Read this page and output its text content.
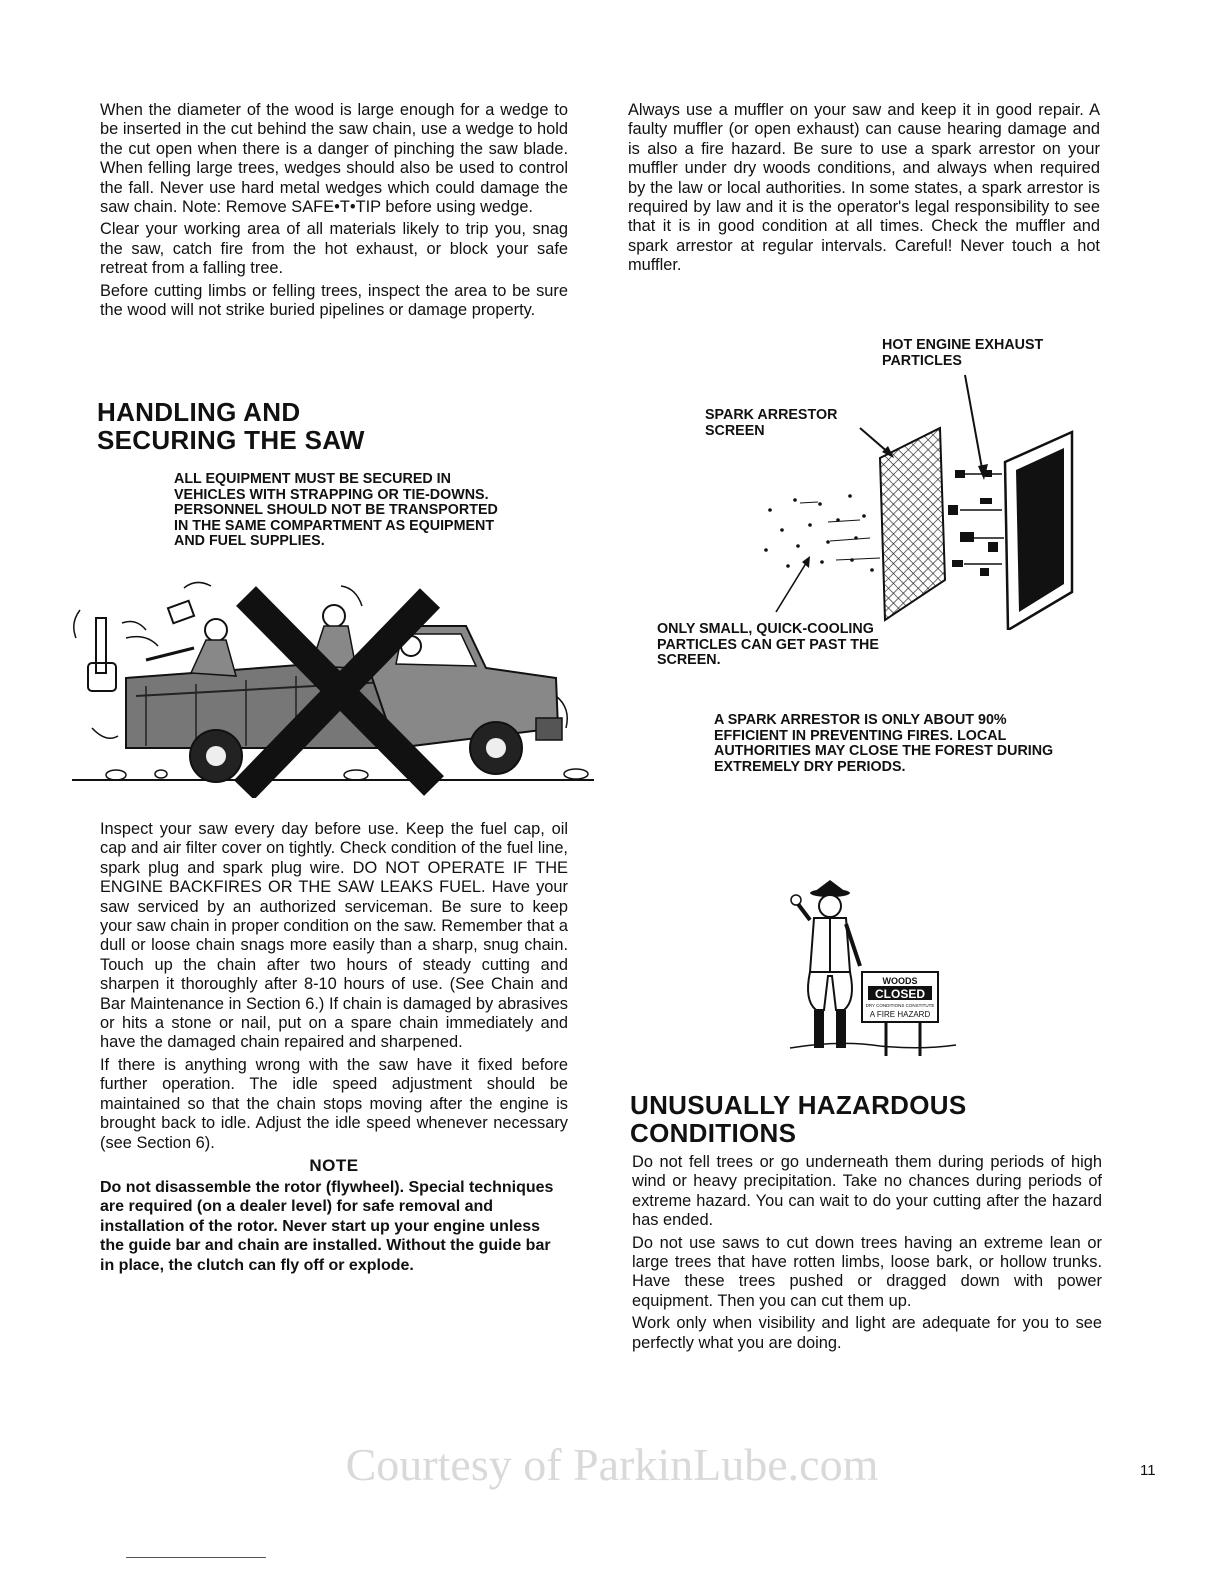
When the diameter of the wood is large enough for a wedge to be inserted in the cut behind the saw chain, use a wedge to hold the cut open when there is a danger of pinching the saw blade. When felling large trees, wedges should also be used to control the fall. Never use hard metal wedges which could damage the saw chain. Note: Remove SAFE•T•TIP before using wedge.

Clear your working area of all materials likely to trip you, snag the saw, catch fire from the hot exhaust, or block your safe retreat from a falling tree.

Before cutting limbs or felling trees, inspect the area to be sure the wood will not strike buried pipelines or damage property.

HANDLING AND SECURING THE SAW

ALL EQUIPMENT MUST BE SECURED IN VEHICLES WITH STRAPPING OR TIE-DOWNS. PERSONNEL SHOULD NOT BE TRANSPORTED IN THE SAME COMPARTMENT AS EQUIPMENT AND FUEL SUPPLIES.

Inspect your saw every day before use. Keep the fuel cap, oil cap and air filter cover on tightly. Check condition of the fuel line, spark plug and spark plug wire. DO NOT OPERATE IF THE ENGINE BACKFIRES OR THE SAW LEAKS FUEL. Have your saw serviced by an authorized serviceman. Be sure to keep your saw chain in proper condition on the saw. Remember that a dull or loose chain snags more easily than a sharp, snug chain. Touch up the chain after two hours of steady cutting and sharpen it thoroughly after 8-10 hours of use. (See Chain and Bar Maintenance in Section 6.) If chain is damaged by abrasives or hits a stone or nail, put on a spare chain immediately and have the damaged chain repaired and sharpened.

If there is anything wrong with the saw have it fixed before further operation. The idle speed adjustment should be maintained so that the chain stops moving after the engine is brought back to idle. Adjust the idle speed whenever necessary (see Section 6).

NOTE

Do not disassemble the rotor (flywheel). Special techniques are required (on a dealer level) for safe removal and installation of the rotor. Never start up your engine unless the guide bar and chain are installed. Without the guide bar in place, the clutch can fly off or explode.

Always use a muffler on your saw and keep it in good repair. A faulty muffler (or open exhaust) can cause hearing damage and is also a fire hazard. Be sure to use a spark arrestor on your muffler under dry woods conditions, and always when required by the law or local authorities. In some states, a spark arrestor is required by law and it is the operator's legal responsibility to see that it is in good condition at all times. Check the muffler and spark arrestor at regular intervals. Careful! Never touch a hot muffler.

HOT ENGINE EXHAUST PARTICLES
SPARK ARRESTOR SCREEN
ONLY SMALL, QUICK-COOLING PARTICLES CAN GET PAST THE SCREEN.

A SPARK ARRESTOR IS ONLY ABOUT 90% EFFICIENT IN PREVENTING FIRES. LOCAL AUTHORITIES MAY CLOSE THE FOREST DURING EXTREMELY DRY PERIODS.

WOODS
CLOSED
DRY CONDITIONS CONSTITUTE
A FIRE HAZARD
UNUSUALLY HAZARDOUS CONDITIONS

Do not fell trees or go underneath them during periods of high wind or heavy precipitation. Take no chances during periods of extreme hazard. You can wait to do your cutting after the hazard has ended.

Do not use saws to cut down trees having an extreme lean or large trees that have rotten limbs, loose bark, or hollow trunks. Have these trees pushed or dragged down with power equipment. Then you can cut them up.

Work only when visibility and light are adequate for you to see perfectly what you are doing.

Courtesy of ParkinLube.com	11
